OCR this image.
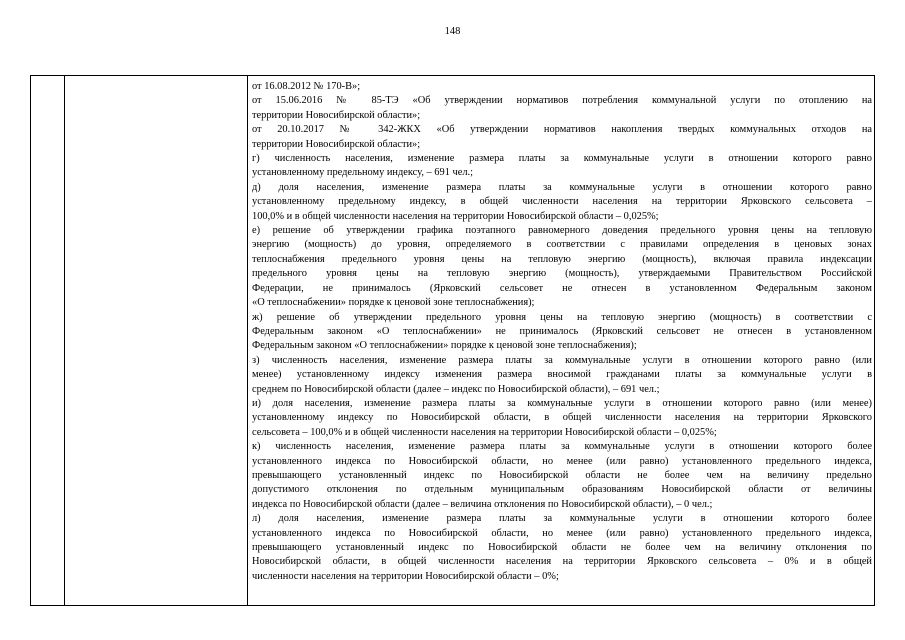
148
от 16.08.2012 № 170-В»;
от 15.06.2016 № 85-ТЭ «Об утверждении нормативов потребления коммунальной услуги по отоплению на
территории Новосибирской области»;
от 20.10.2017 № 342-ЖКХ «Об утверждении нормативов накопления твердых коммунальных отходов на
территории Новосибирской области»;
г) численность населения, изменение размера платы за коммунальные услуги в отношении которого равно
установленному предельному индексу, – 691 чел.;
д) доля населения, изменение размера платы за коммунальные услуги в отношении которого равно
установленному предельному индексу, в общей численности населения на территории Ярковского сельсовета –
100,0% и в общей численности населения на территории Новосибирской области – 0,025%;
е) решение об утверждении графика поэтапного равномерного доведения предельного уровня цены на тепловую
энергию (мощность) до уровня, определяемого в соответствии с правилами определения в ценовых зонах
теплоснабжения предельного уровня цены на тепловую энергию (мощность), включая правила индексации
предельного уровня цены на тепловую энергию (мощность), утверждаемыми Правительством Российской
Федерации, не принималось (Ярковский сельсовет не отнесен в установленном Федеральным законом
«О теплоснабжении» порядке к ценовой зоне теплоснабжения);
ж) решение об утверждении предельного уровня цены на тепловую энергию (мощность) в соответствии с
Федеральным законом «О теплоснабжении» не принималось (Ярковский сельсовет не отнесен в установленном
Федеральным законом «О теплоснабжении» порядке к ценовой зоне теплоснабжения);
з) численность населения, изменение размера платы за коммунальные услуги в отношении которого равно (или
менее) установленному индексу изменения размера вносимой гражданами платы за коммунальные услуги в
среднем по Новосибирской области (далее – индекс по Новосибирской области), – 691 чел.;
и) доля населения, изменение размера платы за коммунальные услуги в отношении которого равно (или менее)
установленному индексу по Новосибирской области, в общей численности населения на территории Ярковского
сельсовета – 100,0% и в общей численности населения на территории Новосибирской области – 0,025%;
к) численность населения, изменение размера платы за коммунальные услуги в отношении которого более
установленного индекса по Новосибирской области, но менее (или равно) установленного предельного индекса,
превышающего установленный индекс по Новосибирской области не более чем на величину предельно
допустимого отклонения по отдельным муниципальным образованиям Новосибирской области от величины
индекса по Новосибирской области (далее – величина отклонения по Новосибирской области), – 0 чел.;
л) доля населения, изменение размера платы за коммунальные услуги в отношении которого более
установленного индекса по Новосибирской области, но менее (или равно) установленного предельного индекса,
превышающего установленный индекс по Новосибирской области не более чем на величину отклонения по
Новосибирской области, в общей численности населения на территории Ярковского сельсовета – 0% и в общей
численности населения на территории Новосибирской области – 0%;
